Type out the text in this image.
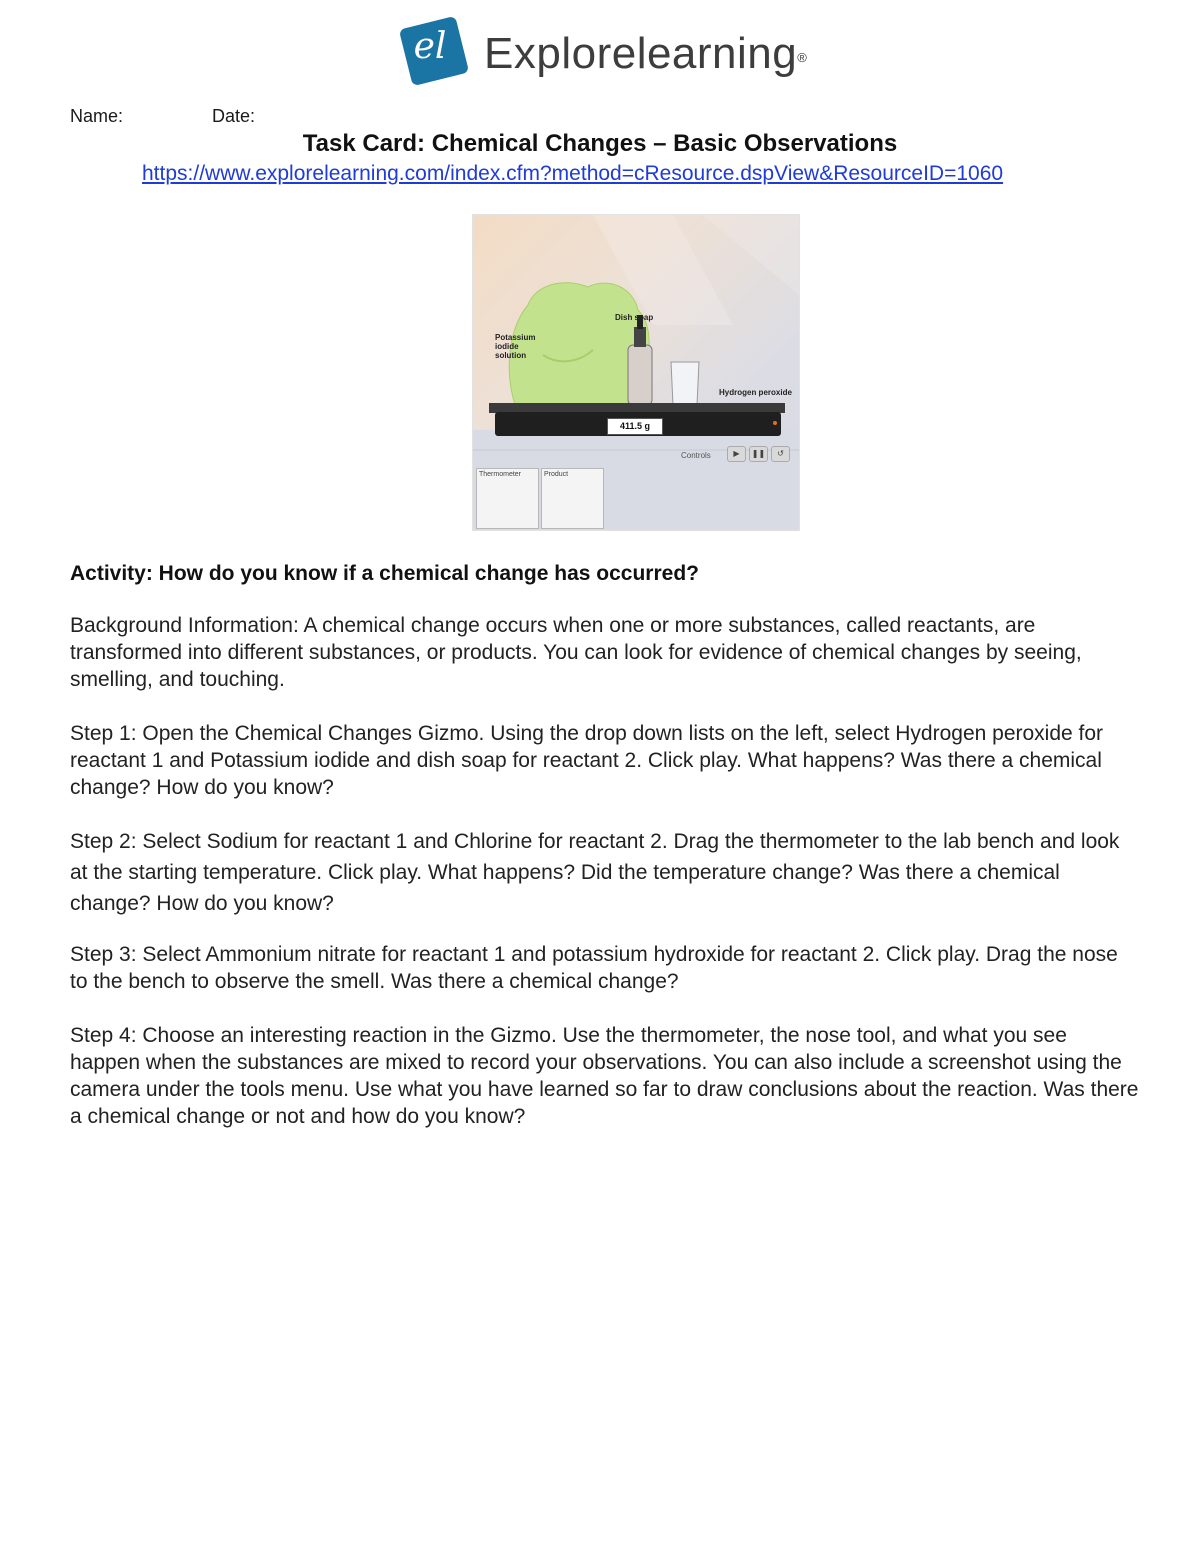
el Explorelearning®
Name:	Date:
Task Card: Chemical Changes – Basic Observations
https://www.explorelearning.com/index.cfm?method=cResource.dspView&ResourceID=1060
Potassium iodide solution
Dish soap
Hydrogen peroxide
411.5 g
Controls	▶	❚❚	↺
Thermometer	Product
Activity: How do you know if a chemical change has occurred?
Background Information: A chemical change occurs when one or more substances, called reactants, are transformed into different substances, or products. You can look for evidence of chemical changes by seeing, smelling, and touching.
Step 1: Open the Chemical Changes Gizmo. Using the drop down lists on the left, select Hydrogen peroxide for reactant 1 and Potassium iodide and dish soap for reactant 2. Click play. What happens? Was there a chemical change? How do you know?
Step 2: Select Sodium for reactant 1 and Chlorine for reactant 2. Drag the thermometer to the lab bench and look at the starting temperature. Click play. What happens? Did the temperature change? Was there a chemical change? How do you know?
Step 3: Select Ammonium nitrate for reactant 1 and potassium hydroxide for reactant 2. Click play. Drag the nose to the bench to observe the smell. Was there a chemical change?
Step 4: Choose an interesting reaction in the Gizmo. Use the thermometer, the nose tool, and what you see happen when the substances are mixed to record your observations. You can also include a screenshot using the camera under the tools menu. Use what you have learned so far to draw conclusions about the reaction. Was there a chemical change or not and how do you know?
